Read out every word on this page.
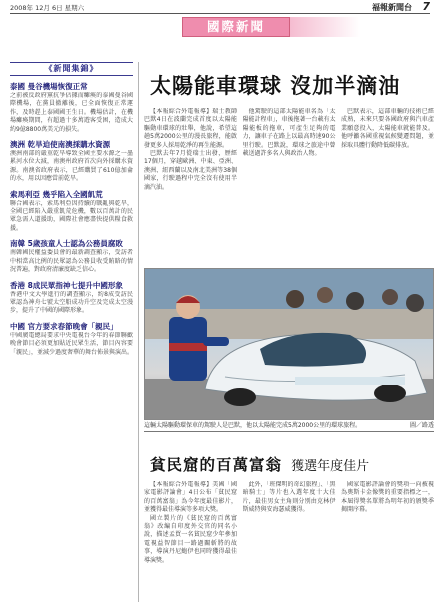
2008年 12月 6日 星期六	福報新聞台 7
國際新聞
《新聞集錦》
泰國 曼谷機場恢復正常
之前被反政府黨抗爭佔據而癱瘓的泰國曼谷國際機場，在黨員撤離後，已全面恢復正常運作，及時趕上泰國國王生日。機場估計，在機場癱瘓期間，有超過十多萬遊客受困，造成大約9億8800萬美元的損失。
澳洲 乾旱迫使南澳採購水資源
澳洲南部的嚴重乾旱導致全國主要水源之一墨累河水位大減，南澳州政府首次向外採購水資源。南澳省政府表示，已經購買了610億加侖的水，用以因應當前乾旱。
索馬利亞 幾乎陷入全國飢荒
聯合國表示，索馬利亞因持續的戰亂與乾旱，全國已經陷入嚴重飢荒危機，數以百萬計的民眾急需人道援助，國際社會應盡快提供糧食救援。
南韓 5歲孩童人士認為公務員腐敗
南韓國民權益委員會的最新調查顯示，受訪者中相當高比例的民眾認為公務員收受賄賂的情況普遍，對政府清廉度缺乏信心。
香港 8成民眾指神七提升中國形象
香港中文大學進行的調查顯示，約8成受訪民眾認為神舟七號太空船成功升空及完成太空漫步，提升了中國的國際形象。
中國 官方要求春節晚會「親民」
中國廣電總局要求中央電視台今年的春節聯歡晚會節目必須更加貼近民眾生活，節目內容要「親民」，並減少過度奢華的舞台佈景與演出。
太陽能車環球 沒加半滴油

【本報綜合外電報導】瑞士教師巴默4日在波蘭完成首度以太陽能驅動車環球的壯舉，他說，希望這趟5萬2000公里的漫長旅程，能啟發更多人採用乾淨的再生能源。

巴默去年7月從瑞士出發，歷經17個月，穿越歐洲、中東、亞洲、澳洲、紐西蘭以及南北美洲等38個國家，行駛過程中完全沒有使用半滴汽油。

他駕駛的這部太陽能車名為「太陽能計程車」，車後拖著一台載有太陽能板的拖車，可產生足夠的電力，讓車子在路上以最高時速90公里行駛。巴默說，環球之旅途中曾載送過許多名人與政治人物。

巴默表示，這部車輛的技術已經成熟，未來只要各國政府與汽車產業願意投入，太陽能車就能普及。他呼籲各國重視氣候變遷問題，並採取具體行動降低碳排放。

這輛太陽驅動環保車的駕駛人是巴默，他以太陽能完成5萬2000公里的環球旅程。	圖／路透
貧民窟的百萬富翁 獲選年度佳片

【本報綜合外電報導】美國「國家電影評論會」4日公布「貧民窟的百萬富翁」為今年度最佳影片，並獲得最佳導演等多項大獎。

國立製片的《貧民窟的百萬富翁》改編自印度外交官的同名小說，描述孟買一名貧民窟少年參加電視益智節目一路過關斬將的故事，導演丹尼鮑伊也同時獲得最佳導演獎。

此外，「班傑明的奇幻旅程」、「黑暗騎士」等片也入選年度十大佳片，最佳男女主角則分別由克林伊斯威特與安海瑟威獲得。

國家電影評論會的獎項一向被視為奧斯卡金像獎的重要指標之一，本屆得獎名單將為明年初的頒獎季揭開序幕。
